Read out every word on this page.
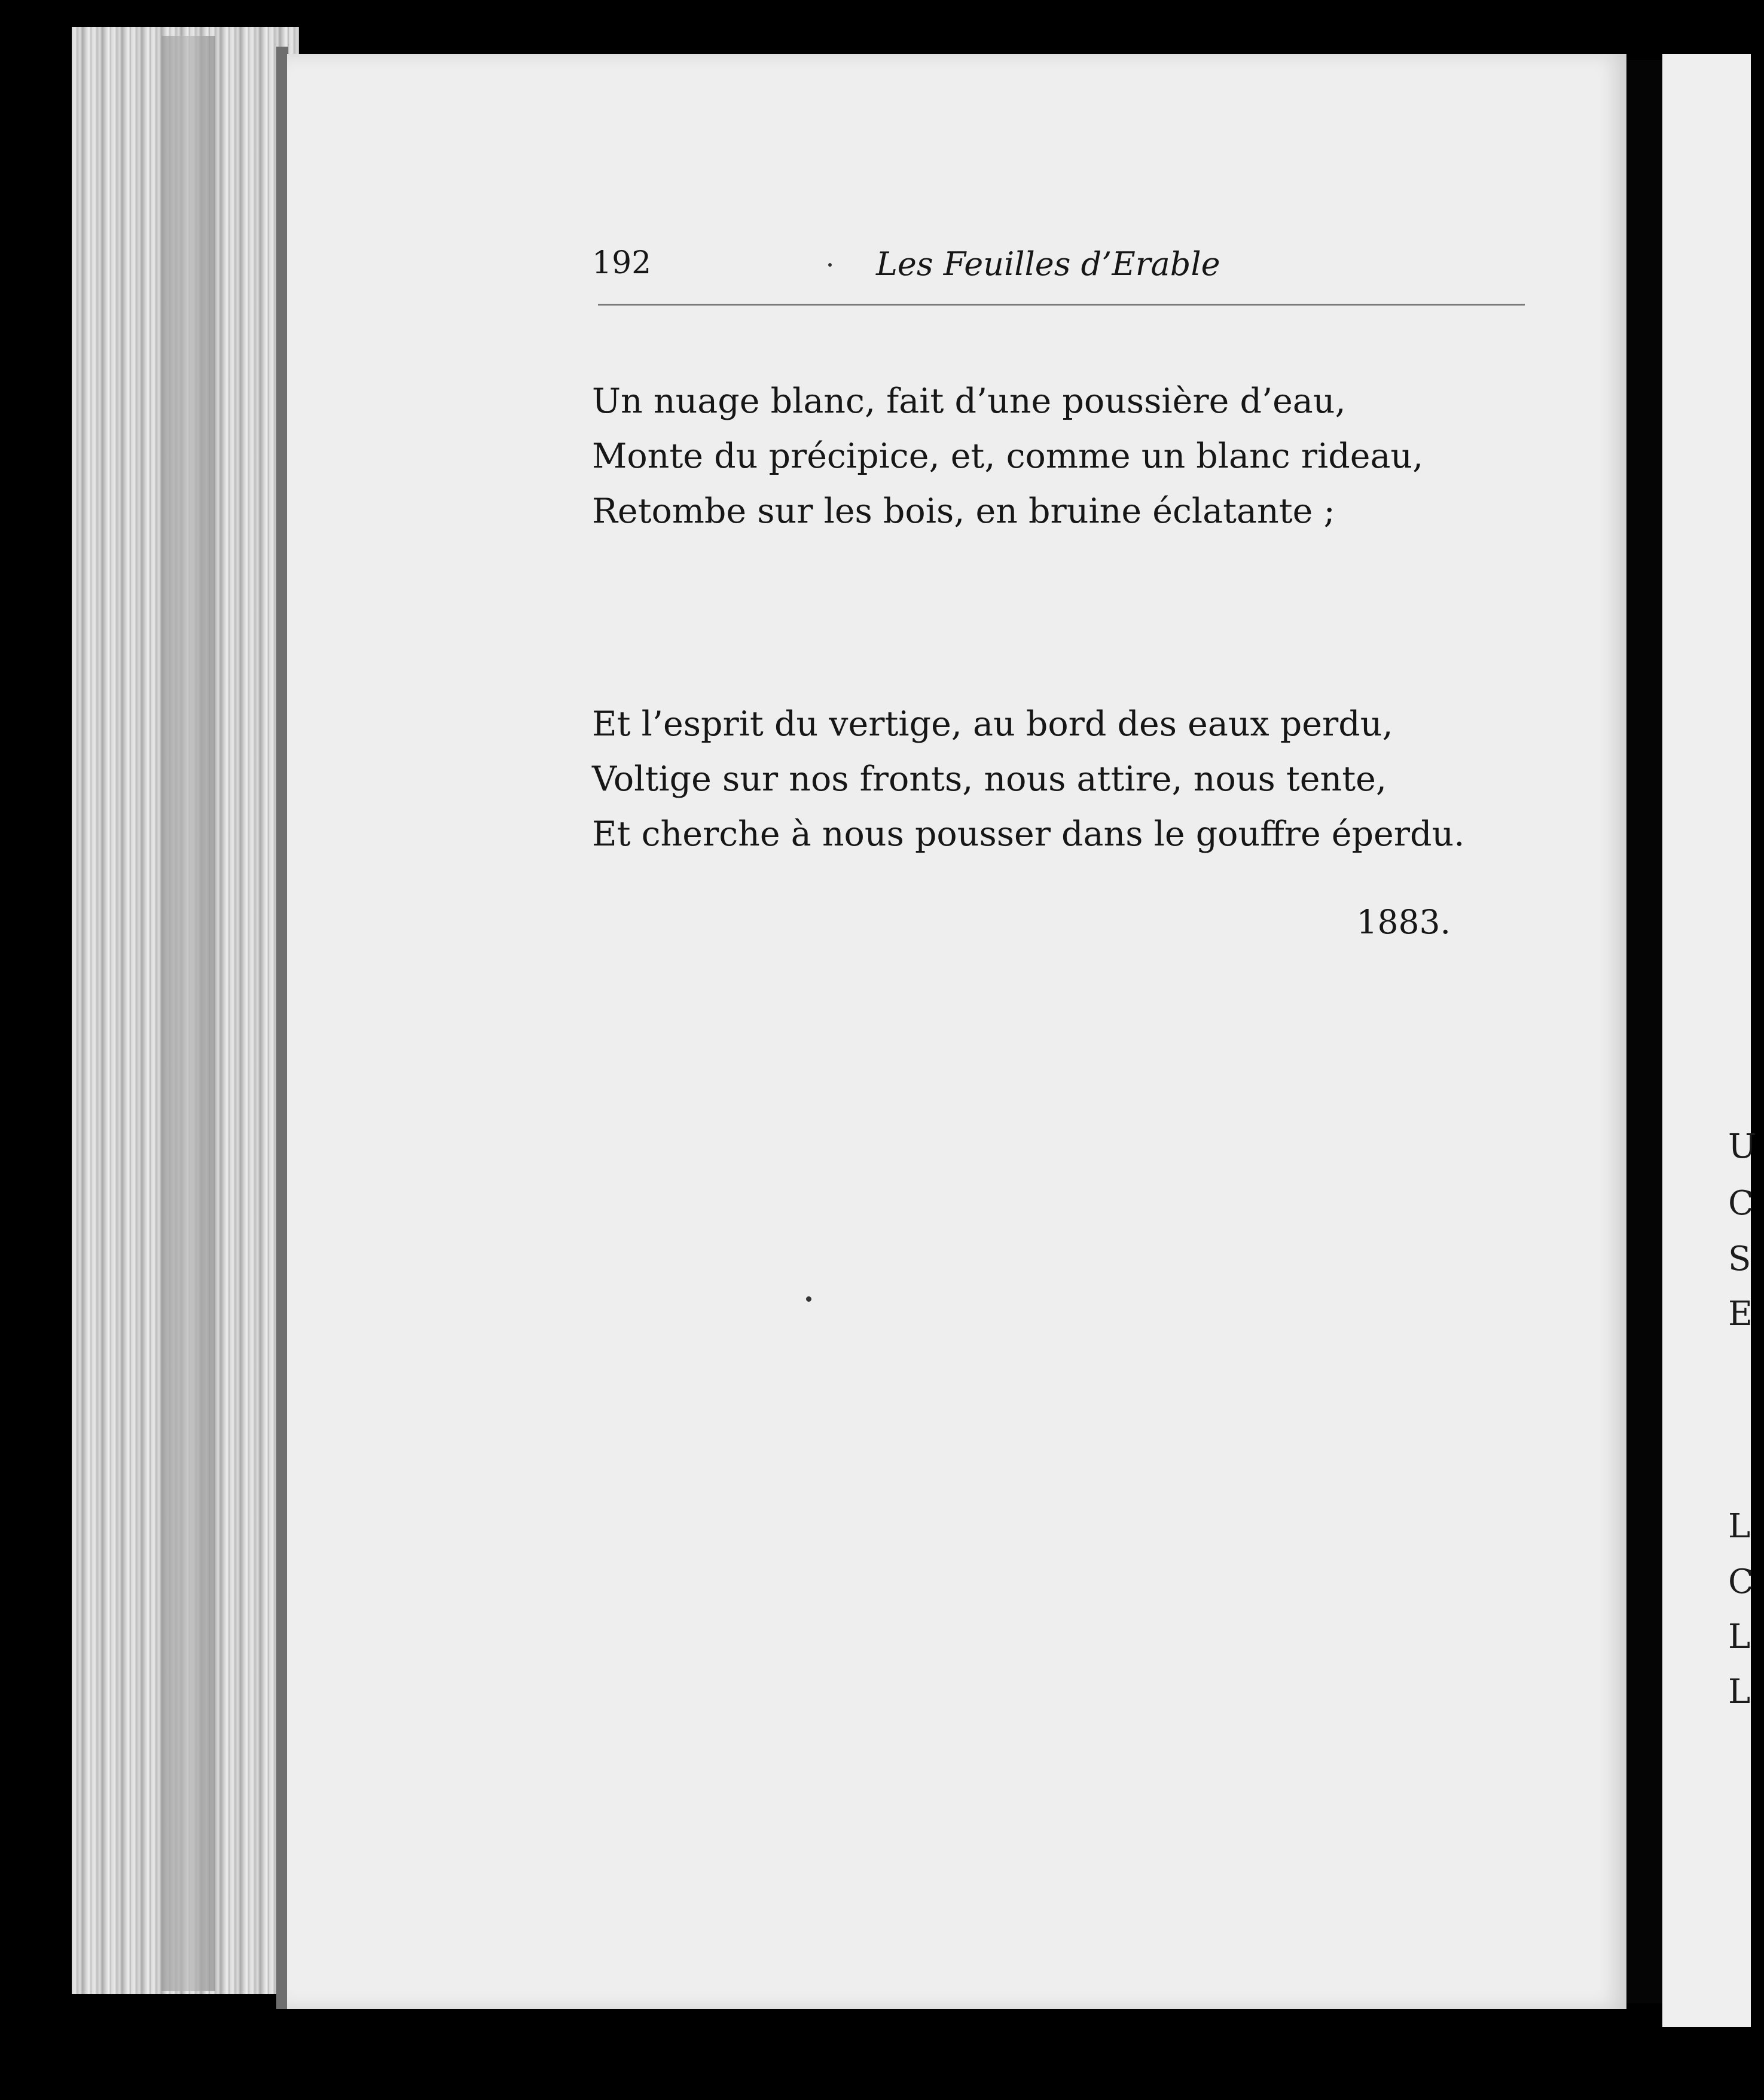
U
C
S
E
L
C
L
L
192	Les Feuilles d’Erable
Un nuage blanc, fait d’une poussière d’eau,
Monte du précipice, et, comme un blanc rideau,
Retombe sur les bois, en bruine éclatante ;
Et l’esprit du vertige, au bord des eaux perdu,
Voltige sur nos fronts, nous attire, nous tente,
Et cherche à nous pousser dans le gouffre éperdu.
1883.
